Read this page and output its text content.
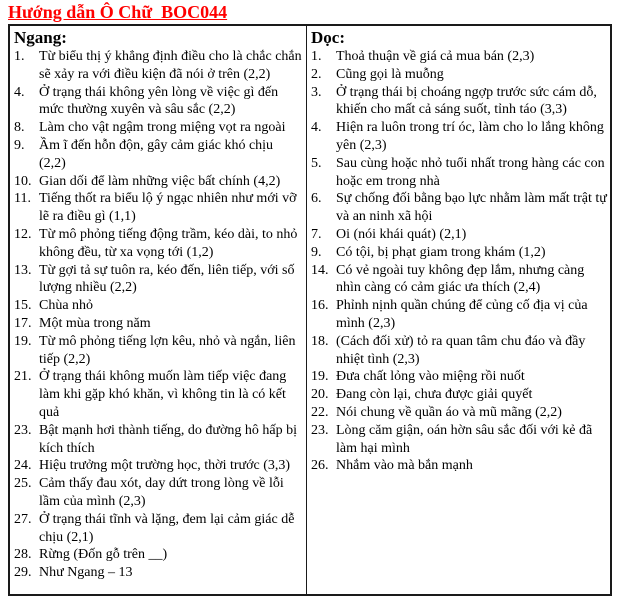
Hướng dẫn Ô Chữ  BOC044
Ngang:
1.	Từ biểu thị ý khẳng định điều cho là chắc chắn sẽ xảy ra với điều kiện đã nói ở trên (2,2)
4.	Ở trạng thái không yên lòng về việc gì đến mức thường xuyên và sâu sắc (2,2)
8.	Làm cho vật ngậm trong miệng vọt ra ngoài
9.	Ầm ĩ đến hỗn độn, gây cảm giác khó chịu (2,2)
10. Gian dối để làm những việc bất chính (4,2)
11. Tiếng thốt ra biểu lộ ý ngạc nhiên như mới vỡ lẽ ra điều gì (1,1)
12. Từ mô phỏng tiếng động trầm, kéo dài, to nhỏ không đều, từ xa vọng tới (1,2)
13. Từ gợi tả sự tuôn ra, kéo đến, liên tiếp, với số lượng nhiều (2,2)
15. Chùa nhỏ
17. Một mùa trong năm
19. Từ mô phỏng tiếng lợn kêu, nhỏ và ngắn, liên tiếp (2,2)
21. Ở trạng thái không muốn làm tiếp việc đang làm khi gặp khó khăn, vì không tin là có kết quả
23. Bật mạnh hơi thành tiếng, do đường hô hấp bị kích thích
24. Hiệu trưởng một trường học, thời trước (3,3)
25. Cảm thấy đau xót, day dứt trong lòng về lỗi lầm của mình (2,3)
27. Ở trạng thái tĩnh và lặng, đem lại cảm giác dễ chịu (2,1)
28. Rừng (Đốn gỗ trên __)
29. Như Ngang – 13
Dọc:
1.	Thoả thuận về giá cả mua bán (2,3)
2.	Cũng gọi là muỗng
3.	Ở trạng thái bị choáng ngợp trước sức cám dỗ, khiến cho mất cả sáng suốt, tỉnh táo (3,3)
4.	Hiện ra luôn trong trí óc, làm cho lo lắng không yên (2,3)
5.	Sau cùng hoặc nhỏ tuổi nhất trong hàng các con hoặc em trong nhà
6.	Sự chống đối bằng bạo lực nhằm làm mất trật tự và an ninh xã hội
7.	Oi (nói khái quát) (2,1)
9.	Có tội, bị phạt giam trong khám (1,2)
14. Có vẻ ngoài tuy không đẹp lắm, nhưng càng nhìn càng có cảm giác ưa thích (2,4)
16. Phỉnh nịnh quần chúng để củng cố địa vị của mình (2,3)
18. (Cách đối xử) tỏ ra quan tâm chu đáo và đầy nhiệt tình (2,3)
19. Đưa chất lỏng vào miệng rồi nuốt
20. Đang còn lại, chưa được giải quyết
22. Nói chung về quần áo và mũ mãng (2,2)
23. Lòng căm giận, oán hờn sâu sắc đối với kẻ đã làm hại mình
26. Nhắm vào mà bắn mạnh
